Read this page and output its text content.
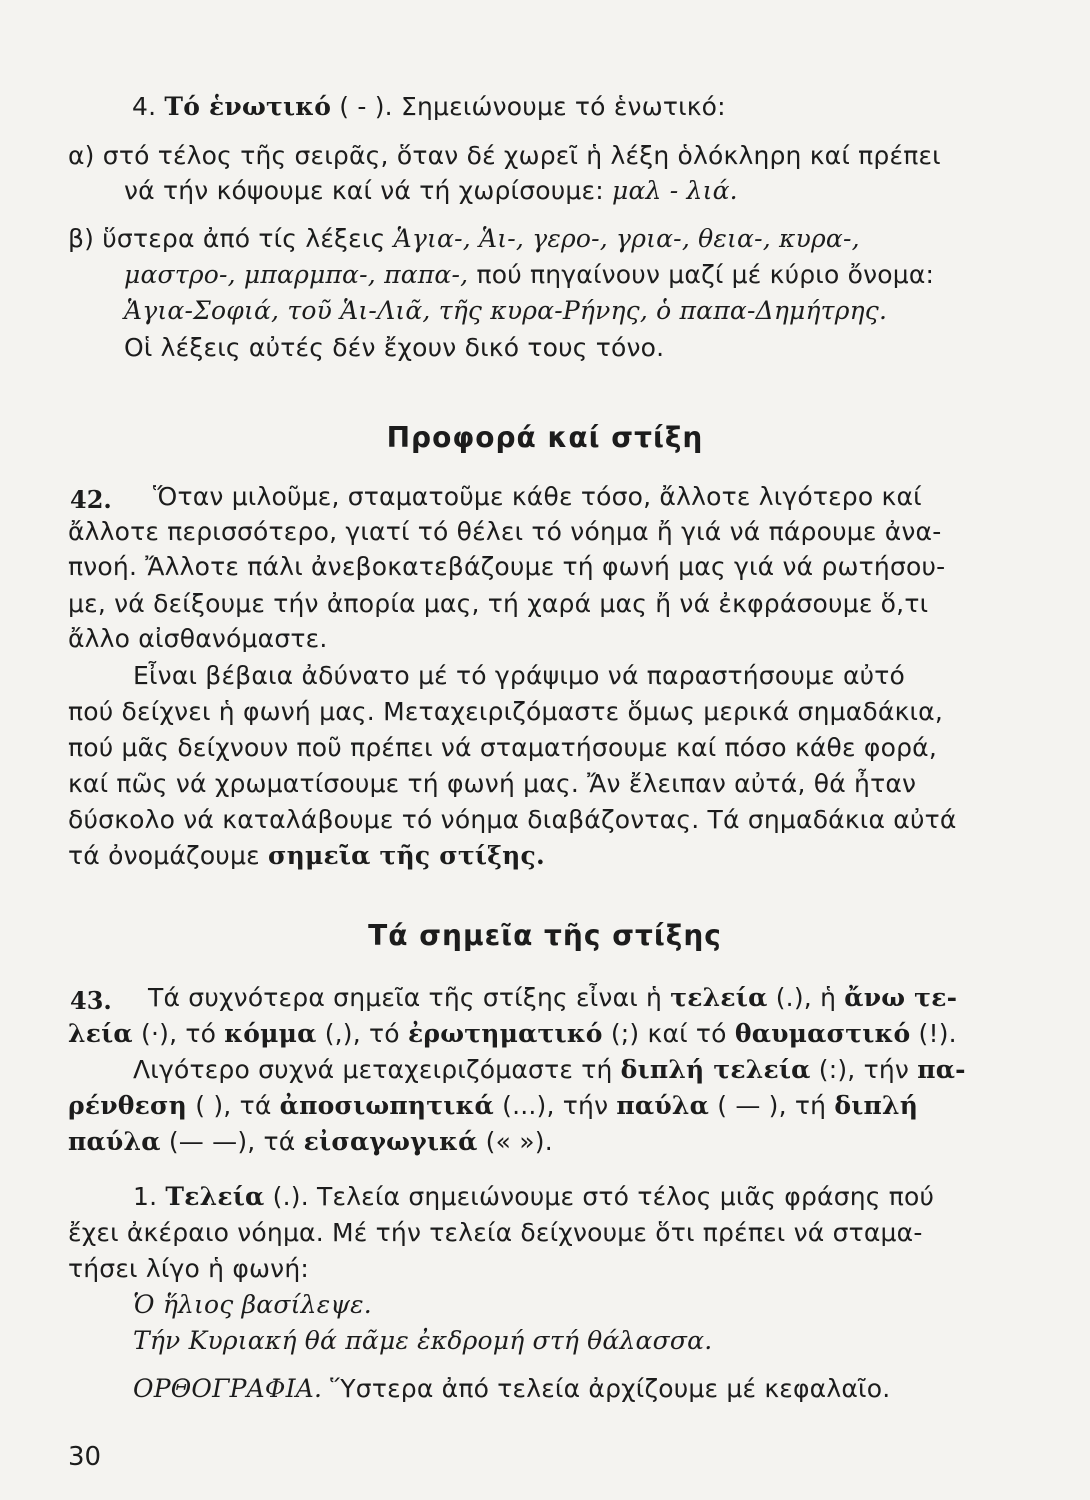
4. Τό ἑνωτικό ( - ). Σημειώνουμε τό ἑνωτικό:
α) στό τέλος τῆς σειρᾶς, ὅταν δέ χωρεῖ ἡ λέξη ὁλόκληρη καί πρέπει
νά τήν κόψουμε καί νά τή χωρίσουμε: μαλ - λιά.
β) ὕστερα ἀπό τίς λέξεις Ἁγια-, Ἁι-, γερο-, γρια-, θεια-, κυρα-,
μαστρο-, μπαρμπα-, παπα-, πού πηγαίνουν μαζί μέ κύριο ὄνομα:
Ἁγια-Σοφιά, τοῦ Ἁι-Λιᾶ, τῆς κυρα-Ρήνης, ὁ παπα-Δημήτρης.
Οἱ λέξεις αὐτές δέν ἔχουν δικό τους τόνο.
Προφορά καί στίξη
42. Ὅταν μιλοῦμε, σταματοῦμε κάθε τόσο, ἄλλοτε λιγότερο καί
ἄλλοτε περισσότερο, γιατί τό θέλει τό νόημα ἤ γιά νά πάρουμε ἀνα-
πνοή. Ἄλλοτε πάλι ἀνεβοκατεβάζουμε τή φωνή μας γιά νά ρωτήσου-
με, νά δείξουμε τήν ἀπορία μας, τή χαρά μας ἤ νά ἐκφράσουμε ὅ,τι
ἄλλο αἰσθανόμαστε.
Εἶναι βέβαια ἀδύνατο μέ τό γράψιμο νά παραστήσουμε αὐτό
πού δείχνει ἡ φωνή μας. Μεταχειριζόμαστε ὅμως μερικά σημαδάκια,
πού μᾶς δείχνουν ποῦ πρέπει νά σταματήσουμε καί πόσο κάθε φορά,
καί πῶς νά χρωματίσουμε τή φωνή μας. Ἄν ἔλειπαν αὐτά, θά ἦταν
δύσκολο νά καταλάβουμε τό νόημα διαβάζοντας. Τά σημαδάκια αὐτά
τά ὀνομάζουμε σημεῖα τῆς στίξης.
Τά σημεῖα τῆς στίξης
43. Τά συχνότερα σημεῖα τῆς στίξης εἶναι ἡ τελεία (.), ἡ ἄνω τε-
λεία (·), τό κόμμα (,), τό ἐρωτηματικό (;) καί τό θαυμαστικό (!).
Λιγότερο συχνά μεταχειριζόμαστε τή διπλή τελεία (:), τήν πα-
ρένθεση ( ), τά ἀποσιωπητικά (...), τήν παύλα ( — ), τή διπλή
παύλα (— —), τά εἰσαγωγικά (« »).
1. Τελεία (.). Τελεία σημειώνουμε στό τέλος μιᾶς φράσης πού
ἔχει ἀκέραιο νόημα. Μέ τήν τελεία δείχνουμε ὅτι πρέπει νά σταμα-
τήσει λίγο ἡ φωνή:
Ὁ ἥλιος βασίλεψε.
Τήν Κυριακή θά πᾶμε ἐκδρομή στή θάλασσα.
ΟΡΘΟΓΡΑΦΙΑ. Ὕστερα ἀπό τελεία ἀρχίζουμε μέ κεφαλαῖο.
30
